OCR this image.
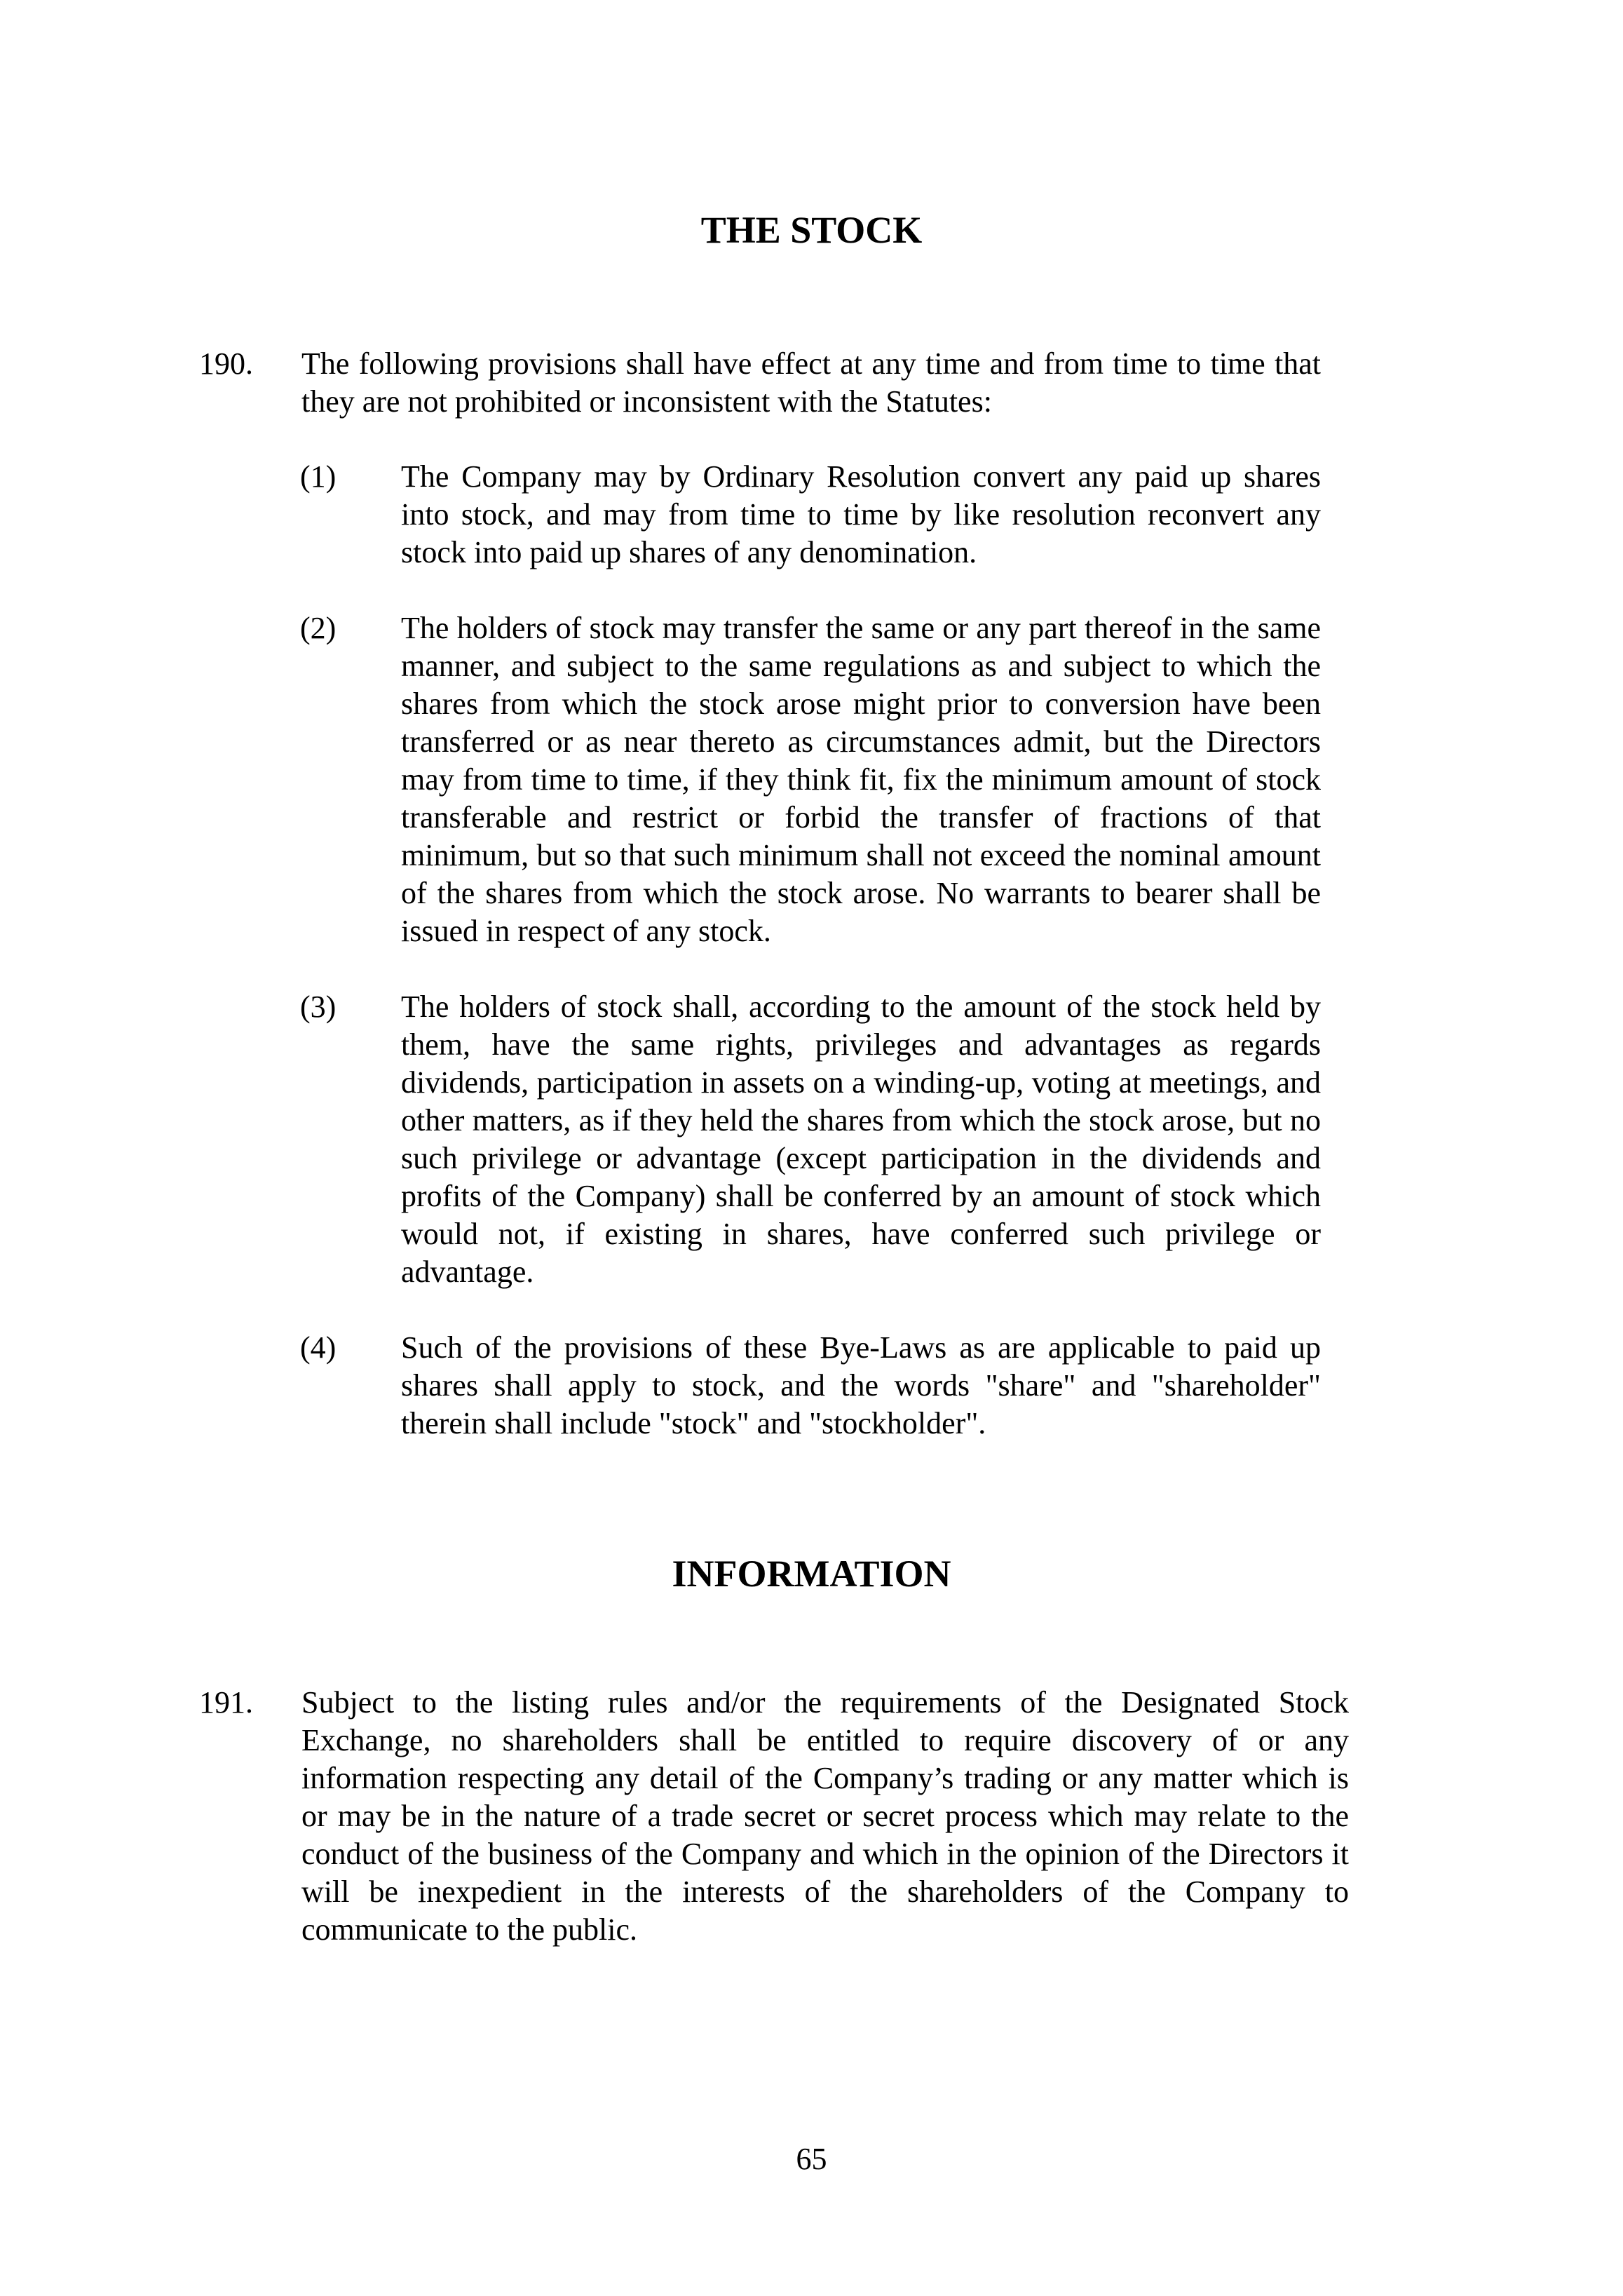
THE STOCK
190. The following provisions shall have effect at any time and from time to time that they are not prohibited or inconsistent with the Statutes:
(1) The Company may by Ordinary Resolution convert any paid up shares into stock, and may from time to time by like resolution reconvert any stock into paid up shares of any denomination.
(2) The holders of stock may transfer the same or any part thereof in the same manner, and subject to the same regulations as and subject to which the shares from which the stock arose might prior to conversion have been transferred or as near thereto as circumstances admit, but the Directors may from time to time, if they think fit, fix the minimum amount of stock transferable and restrict or forbid the transfer of fractions of that minimum, but so that such minimum shall not exceed the nominal amount of the shares from which the stock arose. No warrants to bearer shall be issued in respect of any stock.
(3) The holders of stock shall, according to the amount of the stock held by them, have the same rights, privileges and advantages as regards dividends, participation in assets on a winding-up, voting at meetings, and other matters, as if they held the shares from which the stock arose, but no such privilege or advantage (except participation in the dividends and profits of the Company) shall be conferred by an amount of stock which would not, if existing in shares, have conferred such privilege or advantage.
(4) Such of the provisions of these Bye-Laws as are applicable to paid up shares shall apply to stock, and the words "share" and "shareholder" therein shall include "stock" and "stockholder".
INFORMATION
191. Subject to the listing rules and/or the requirements of the Designated Stock Exchange, no shareholders shall be entitled to require discovery of or any information respecting any detail of the Company’s trading or any matter which is or may be in the nature of a trade secret or secret process which may relate to the conduct of the business of the Company and which in the opinion of the Directors it will be inexpedient in the interests of the shareholders of the Company to communicate to the public.
65
